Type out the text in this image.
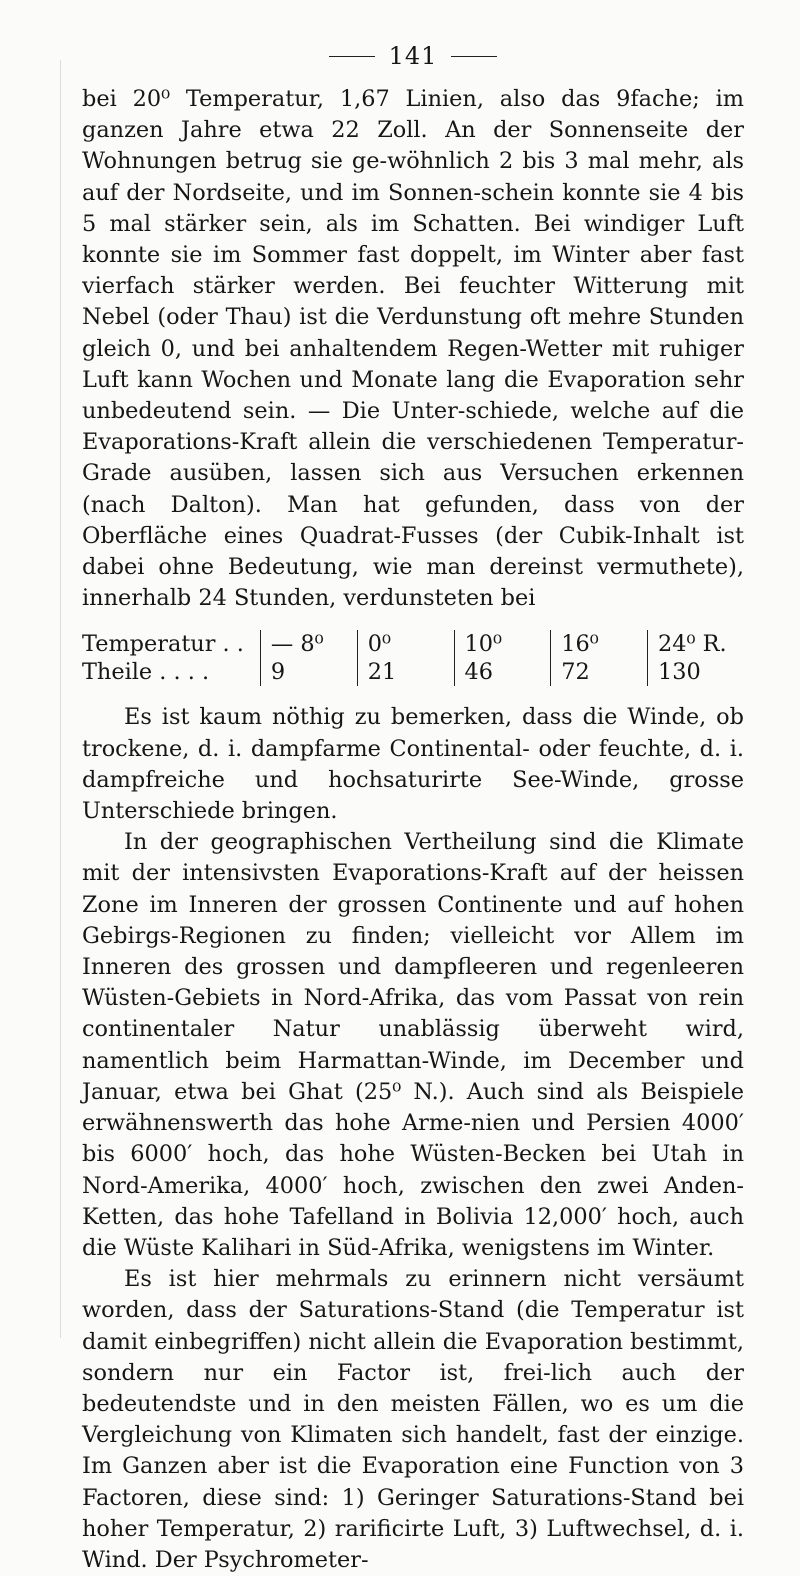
141

bei 20⁰ Temperatur, 1,67 Linien, also das 9fache; im ganzen Jahre etwa 22 Zoll. An der Sonnenseite der Wohnungen betrug sie ge-wöhnlich 2 bis 3 mal mehr, als auf der Nordseite, und im Sonnen-schein konnte sie 4 bis 5 mal stärker sein, als im Schatten. Bei windiger Luft konnte sie im Sommer fast doppelt, im Winter aber fast vierfach stärker werden. Bei feuchter Witterung mit Nebel (oder Thau) ist die Verdunstung oft mehre Stunden gleich 0, und bei anhaltendem Regen-Wetter mit ruhiger Luft kann Wochen und Monate lang die Evaporation sehr unbedeutend sein. — Die Unter-schiede, welche auf die Evaporations-Kraft allein die verschiedenen Temperatur-Grade ausüben, lassen sich aus Versuchen erkennen (nach Dalton). Man hat gefunden, dass von der Oberfläche eines Quadrat-Fusses (der Cubik-Inhalt ist dabei ohne Bedeutung, wie man dereinst vermuthete), innerhalb 24 Stunden, verdunsteten bei

Temperatur . .	— 8⁰	0⁰	10⁰	16⁰	24⁰ R.
Theile . . . .	9	21	46	72	130

Es ist kaum nöthig zu bemerken, dass die Winde, ob trockene, d. i. dampfarme Continental- oder feuchte, d. i. dampfreiche und hochsaturirte See-Winde, grosse Unterschiede bringen.

In der geographischen Vertheilung sind die Klimate mit der intensivsten Evaporations-Kraft auf der heissen Zone im Inneren der grossen Continente und auf hohen Gebirgs-Regionen zu finden; vielleicht vor Allem im Inneren des grossen und dampfleeren und regenleeren Wüsten-Gebiets in Nord-Afrika, das vom Passat von rein continentaler Natur unablässig überweht wird, namentlich beim Harmattan-Winde, im December und Januar, etwa bei Ghat (25⁰ N.). Auch sind als Beispiele erwähnenswerth das hohe Arme-nien und Persien 4000′ bis 6000′ hoch, das hohe Wüsten-Becken bei Utah in Nord-Amerika, 4000′ hoch, zwischen den zwei Anden-Ketten, das hohe Tafelland in Bolivia 12,000′ hoch, auch die Wüste Kalihari in Süd-Afrika, wenigstens im Winter.

Es ist hier mehrmals zu erinnern nicht versäumt worden, dass der Saturations-Stand (die Temperatur ist damit einbegriffen) nicht allein die Evaporation bestimmt, sondern nur ein Factor ist, frei-lich auch der bedeutendste und in den meisten Fällen, wo es um die Vergleichung von Klimaten sich handelt, fast der einzige. Im Ganzen aber ist die Evaporation eine Function von 3 Factoren, diese sind: 1) Geringer Saturations-Stand bei hoher Temperatur, 2) rarificirte Luft, 3) Luftwechsel, d. i. Wind. Der Psychrometer-
